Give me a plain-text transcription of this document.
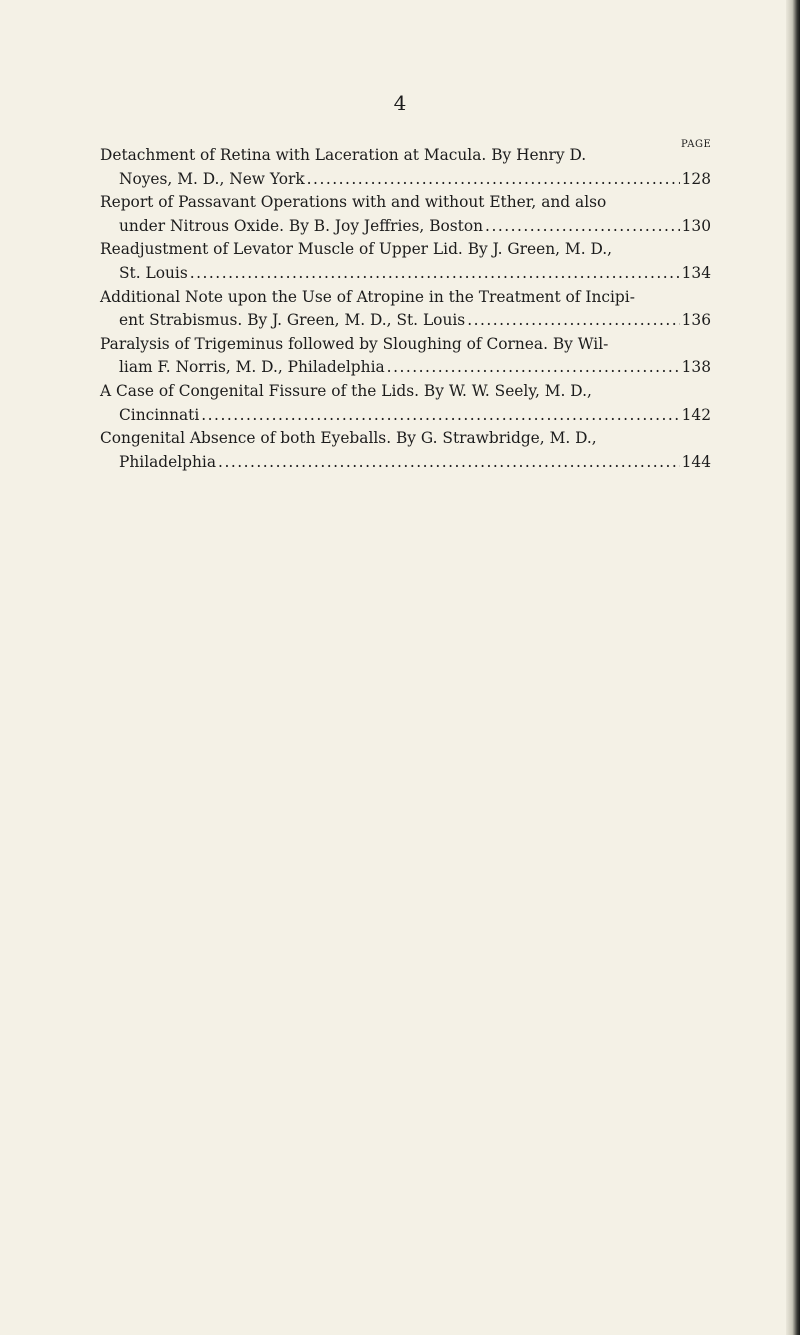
4
PAGE
Detachment of Retina with Laceration at Macula. By Henry D.
Noyes, M. D., New York .....	128
Report of Passavant Operations with and without Ether, and also
under Nitrous Oxide. By B. Joy Jeffries, Boston .....	130
Readjustment of Levator Muscle of Upper Lid. By J. Green, M. D.,
St. Louis .....	134
Additional Note upon the Use of Atropine in the Treatment of Incipi-
ent Strabismus. By J. Green, M. D., St. Louis .....	136
Paralysis of Trigeminus followed by Sloughing of Cornea. By Wil-
liam F. Norris, M. D., Philadelphia .....	138
A Case of Congenital Fissure of the Lids. By W. W. Seely, M. D.,
Cincinnati .....	142
Congenital Absence of both Eyeballs. By G. Strawbridge, M. D.,
Philadelphia .....	144
